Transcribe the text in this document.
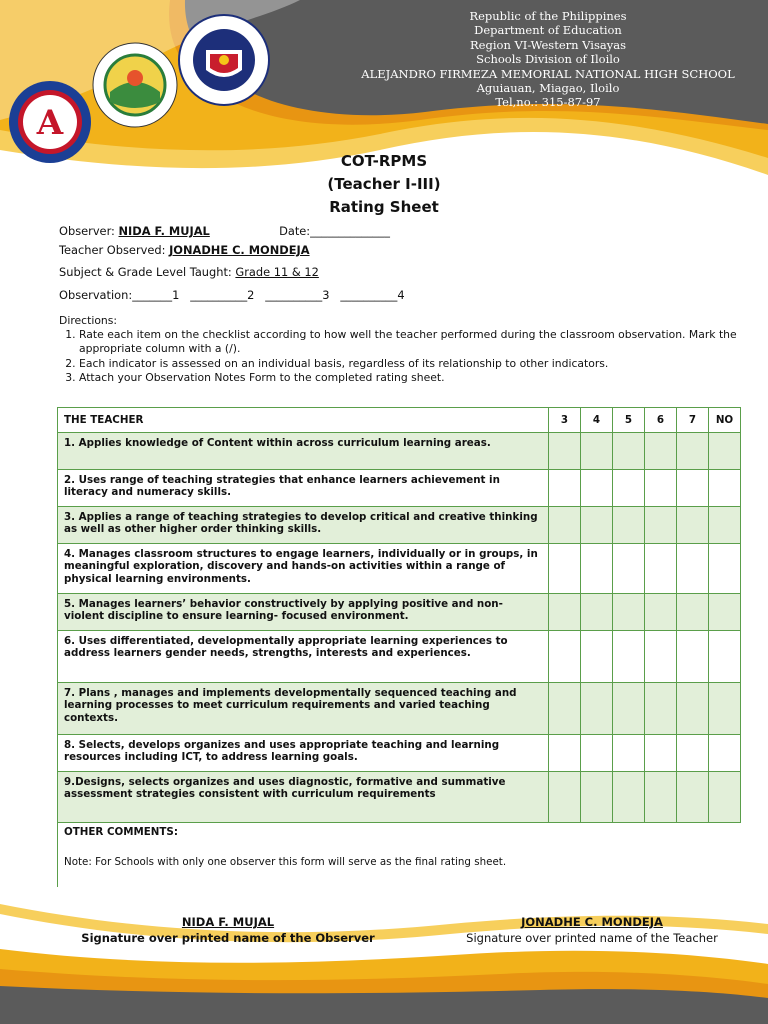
A
Republic of the Philippines
Department of Education
Region VI-Western Visayas
Schools Division of Iloilo
ALEJANDRO FIRMEZA MEMORIAL NATIONAL HIGH SCHOOL
Aguiauan, Miagao, Iloilo
Tel,no.: 315-87-97
COT-RPMS
(Teacher I-III)
Rating Sheet
Observer: NIDA F. MUJAL	Date:______________
Teacher Observed: JONADHE C. MONDEJA
Subject & Grade Level Taught: Grade 11 & 12
Observation:_______1 __________2 __________3 __________4
Directions:
1. Rate each item on the checklist according to how well the teacher performed during the classroom observation. Mark the appropriate column with a (/).
2. Each indicator is assessed on an individual basis, regardless of its relationship to other indicators.
3. Attach your Observation Notes Form to the completed rating sheet.
THE TEACHER	3	4	5	6	7	NO
1. Applies knowledge of Content within across curriculum learning areas.						
2. Uses range of teaching strategies that enhance learners achievement in literacy and numeracy skills.						
3. Applies a range of teaching strategies to develop critical and creative thinking as well as other higher order thinking skills.						
4. Manages classroom structures to engage learners, individually or in groups, in meaningful exploration, discovery and hands-on activities within a range of physical learning environments.						
5. Manages learners’ behavior constructively by applying positive and non-violent discipline to ensure learning- focused environment.						
6. Uses differentiated, developmentally appropriate learning experiences to address learners gender needs, strengths, interests and experiences.						
7. Plans , manages and implements developmentally sequenced teaching and learning processes to meet curriculum requirements and varied teaching contexts.						
8. Selects, develops organizes and uses appropriate teaching and learning resources including ICT, to address learning goals.						
9.Designs, selects organizes and uses diagnostic, formative and summative assessment strategies consistent with curriculum requirements						

OTHER COMMENTS:
Note: For Schools with only one observer this form will serve as the final rating sheet.						
NIDA F. MUJAL
Signature over printed name of the Observer
JONADHE C. MONDEJA
Signature over printed name of the Teacher
